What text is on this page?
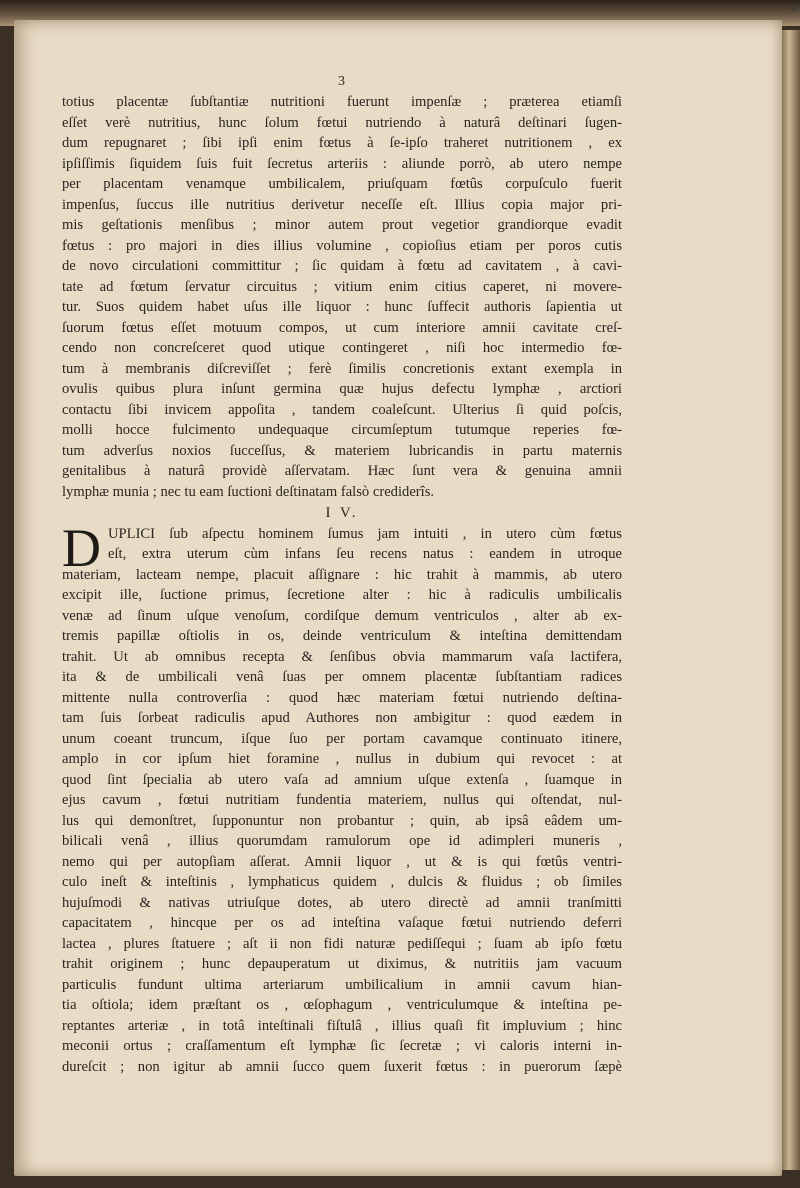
4
3
totius placentæ ſubſtantiæ nutritioni fuerunt impenſæ ; præterea etiamſi
eſſet verè nutritius, hunc ſolum fœtui nutriendo à naturâ deſtinari ſugen-
dum repugnaret ; ſibi ipſi enim fœtus à ſe-ipſo traheret nutritionem , ex
ipſiſſimis ſiquidem ſuis fuit ſecretus arteriis : aliunde porrò, ab utero nempe
per placentam venamque umbilicalem, priuſquam fœtûs corpuſculo fuerit
impenſus, ſuccus ille nutritius derivetur neceſſe eſt. Illius copia major pri-
mis geſtationis menſibus ; minor autem prout vegetior grandiorque evadit
fœtus : pro majori in dies illius volumine , copioſius etiam per poros cutis
de novo circulationi committitur ; ſic quidam à fœtu ad cavitatem , à cavi-
tate ad fœtum ſervatur circuitus ; vitium enim citius caperet, ni movere-
tur. Suos quidem habet uſus ille liquor : hunc ſuffecit authoris ſapientia ut
ſuorum fœtus eſſet motuum compos, ut cum interiore amnii cavitate creſ-
cendo non concreſceret quod utique contingeret , niſi hoc intermedio fœ-
tum à membranis diſcreviſſet ; ferè ſimilis concretionis extant exempla in
ovulis quibus plura inſunt germina quæ hujus defectu lymphæ , arctiori
contactu ſibi invicem appoſita , tandem coaleſcunt. Ulterius ſi quid poſcis,
molli hocce fulcimento undequaque circumſeptum tutumque reperies fœ-
tum adverſus noxios ſucceſſus, & materiem lubricandis in partu maternis
genitalibus à naturâ providè aſſervatam. Hæc ſunt vera & genuina amnii
lymphæ munia ; nec tu eam ſuctioni deſtinatam falsò crediderîs.
I V.
D UPLICI ſub aſpectu hominem ſumus jam intuiti , in utero cùm fœtus
eſt, extra uterum cùm infans ſeu recens natus : eandem in utroque
materiam, lacteam nempe, placuit aſſignare : hic trahit à mammis, ab utero
excipit ille, ſuctione primus, ſecretione alter : hic à radiculis umbilicalis
venæ ad ſinum uſque venoſum, cordiſque demum ventriculos , alter ab ex-
tremis papillæ oſtiolis in os, deinde ventriculum & inteſtina demittendam
trahit. Ut ab omnibus recepta & ſenſibus obvia mammarum vaſa lactifera,
ita & de umbilicali venâ ſuas per omnem placentæ ſubſtantiam radices
mittente nulla controverſia : quod hæc materiam fœtui nutriendo deſtina-
tam ſuis ſorbeat radiculis apud Authores non ambigitur : quod eædem in
unum coeant truncum, iſque ſuo per portam cavamque continuato itinere,
amplo in cor ipſum hiet foramine , nullus in dubium qui revocet : at
quod ſint ſpecialia ab utero vaſa ad amnium uſque extenſa , ſuamque in
ejus cavum , fœtui nutritiam fundentia materiem, nullus qui oſtendat, nul-
lus qui demonſtret, ſupponuntur non probantur ; quin, ab ipsâ eâdem um-
bilicali venâ , illius quorumdam ramulorum ope id adimpleri muneris ,
nemo qui per autopſiam aſſerat. Amnii liquor , ut & is qui fœtûs ventri-
culo ineſt & inteſtinis , lymphaticus quidem , dulcis & fluidus ; ob ſimiles
hujuſmodi & nativas utriuſque dotes, ab utero directè ad amnii tranſmitti
capacitatem , hincque per os ad inteſtina vaſaque fœtui nutriendo deferri
lactea , plures ſtatuere ; aſt ii non fidi naturæ pediſſequi ; ſuam ab ipſo fœtu
trahit originem ; hunc depauperatum ut diximus, & nutritiis jam vacuum
particulis fundunt ultima arteriarum umbilicalium in amnii cavum hian-
tia oſtiola; idem præſtant os , œſophagum , ventriculumque & inteſtina pe-
reptantes arteriæ , in totâ inteſtinali fiſtulâ , illius quaſi fit impluvium ; hinc
meconii ortus ; craſſamentum eſt lymphæ ſic ſecretæ ; vi caloris interni in-
dureſcit ; non igitur ab amnii ſucco quem ſuxerit fœtus : in puerorum ſæpè
